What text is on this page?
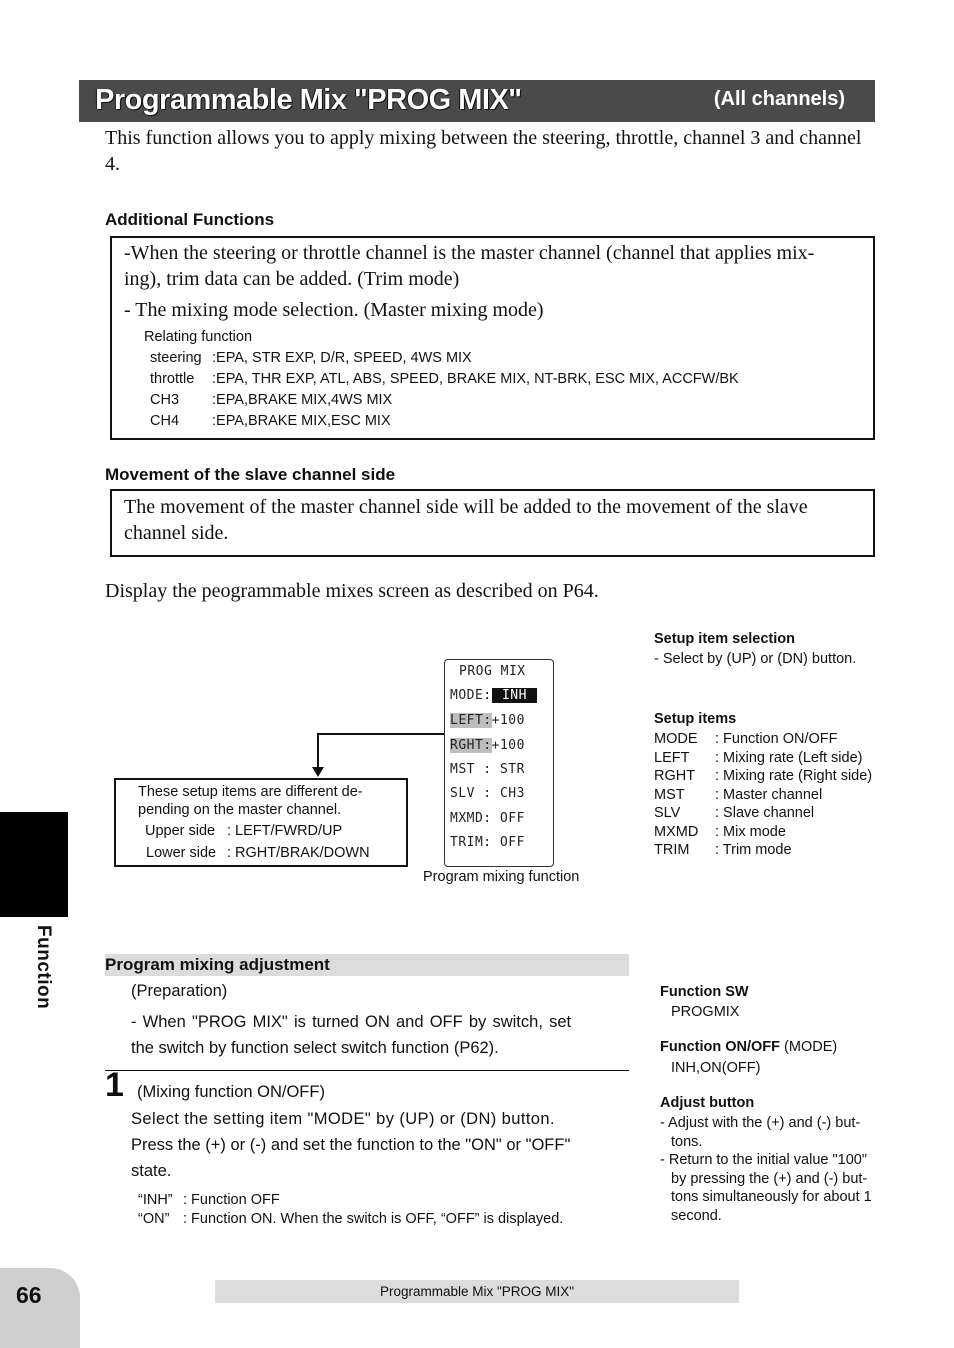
Programmable Mix "PROG MIX"	(All channels)
This function allows you to apply mixing between the steering, throttle, channel 3 and channel 4.
Additional Functions
-When the steering or throttle channel is the master channel (channel that applies mix-
ing), trim data can be added. (Trim mode)
- The mixing mode selection. (Master mixing mode)
Relating function
steering :EPA, STR EXP, D/R, SPEED, 4WS MIX
throttle :EPA, THR EXP, ATL, ABS, SPEED, BRAKE MIX, NT-BRK, ESC MIX, ACCFW/BK
CH3 :EPA,BRAKE MIX,4WS MIX
CH4 :EPA,BRAKE MIX,ESC MIX
Movement of the slave channel side
The movement of the master channel side will be added to the movement of the slave
channel side.
Display the peogrammable mixes screen as described on P64.
These setup items are different de-
pending on the master channel.
Upper side : LEFT/FWRD/UP
Lower side : RGHT/BRAK/DOWN
PROG MIX
MODE: INH
LEFT:+100
RGHT:+100
MST : STR
SLV : CH3
MXMD: OFF
TRIM: OFF
Program mixing function
Setup item selection
- Select by (UP) or (DN) button.
Setup items
MODE : Function ON/OFF
LEFT : Mixing rate (Left side)
RGHT : Mixing rate (Right side)
MST : Master channel
SLV : Slave channel
MXMD : Mix mode
TRIM : Trim mode
Function	Program mixing adjustment
(Preparation)
- When "PROG MIX" is turned ON and OFF by switch, set
the switch by function select switch function (P62).
1 (Mixing function ON/OFF)
Select the setting item "MODE" by (UP) or (DN) button.
Press the (+) or (-) and set the function to the "ON" or "OFF"
state.
“INH” : Function OFF
“ON” : Function ON. When the switch is OFF, “OFF” is displayed.
Function SW
PROGMIX
Function ON/OFF (MODE)
INH,ON(OFF)
Adjust button
- Adjust with the (+) and (-) but-
tons.
- Return to the initial value "100"
by pressing the (+) and (-) but-
tons simultaneously for about 1
second.
66	Programmable Mix "PROG MIX"
